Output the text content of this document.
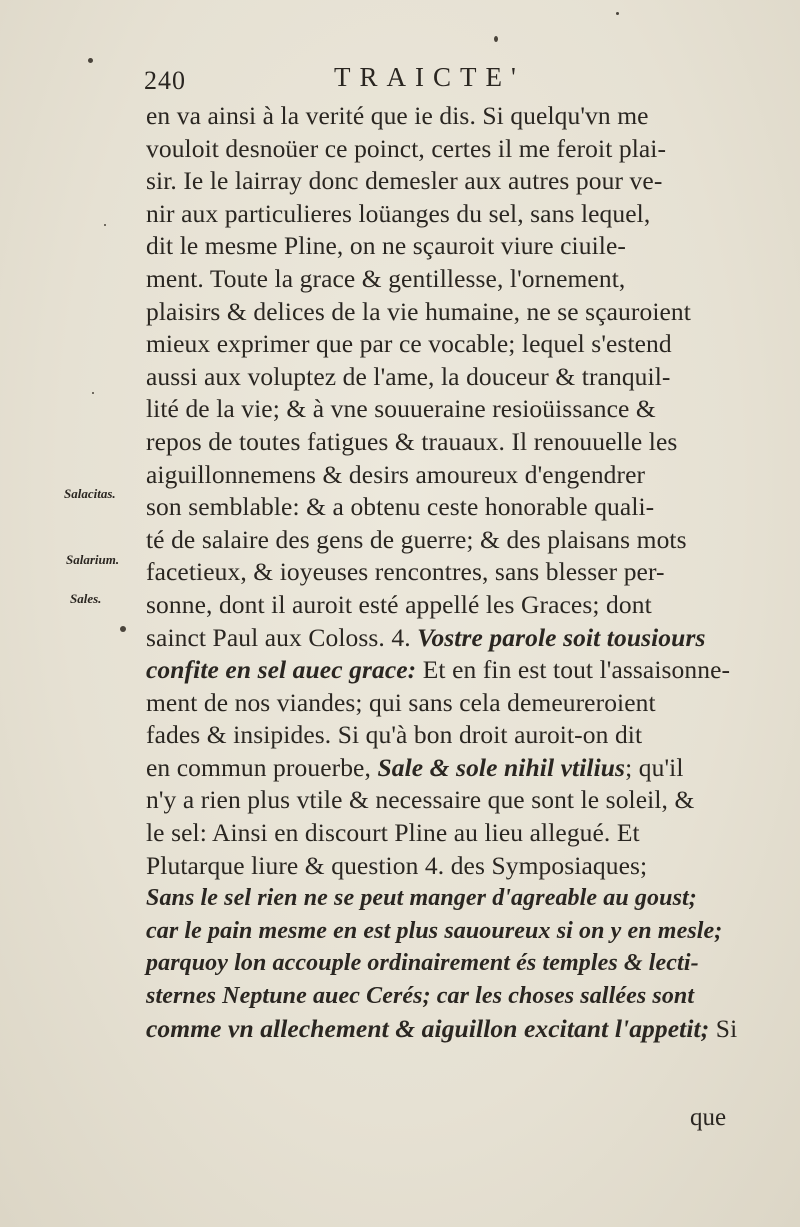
240	TRAICTE'
en va ainsi à la verité que ie dis. Si quelqu'vn me
vouloit desnoüer ce poinct, certes il me feroit plai-
sir. Ie le lairray donc demesler aux autres pour ve-
nir aux particulieres loüanges du sel, sans lequel,
dit le mesme Pline, on ne sçauroit viure ciuile-
ment. Toute la grace & gentillesse, l'ornement,
plaisirs & delices de la vie humaine, ne se sçauroient
mieux exprimer que par ce vocable; lequel s'estend
aussi aux voluptez de l'ame, la douceur & tranquil-
lité de la vie; & à vne souueraine resioüissance &
repos de toutes fatigues & trauaux. Il renouuelle les
aiguillonnemens & desirs amoureux d'engendrer
son semblable: & a obtenu ceste honorable quali-
té de salaire des gens de guerre; & des plaisans mots
facetieux, & ioyeuses rencontres, sans blesser per-
sonne, dont il auroit esté appellé les Graces; dont
sainct Paul aux Coloss. 4. Vostre parole soit tousiours
confite en sel auec grace: Et en fin est tout l'assaisonne-
ment de nos viandes; qui sans cela demeureroient
fades & insipides. Si qu'à bon droit auroit-on dit
en commun prouerbe, Sale & sole nihil vtilius; qu'il
n'y a rien plus vtile & necessaire que sont le soleil, &
le sel: Ainsi en discourt Pline au lieu allegué. Et
Plutarque liure & question 4. des Symposiaques;
Sans le sel rien ne se peut manger d'agreable au goust;
car le pain mesme en est plus sauoureux si on y en mesle;
parquoy lon accouple ordinairement és temples & lecti-
sternes Neptune auec Cerés; car les choses sallées sont
comme vn allechement & aiguillon excitant l'appetit; Si
que
Salacitas.
Salarium.
Sales.
